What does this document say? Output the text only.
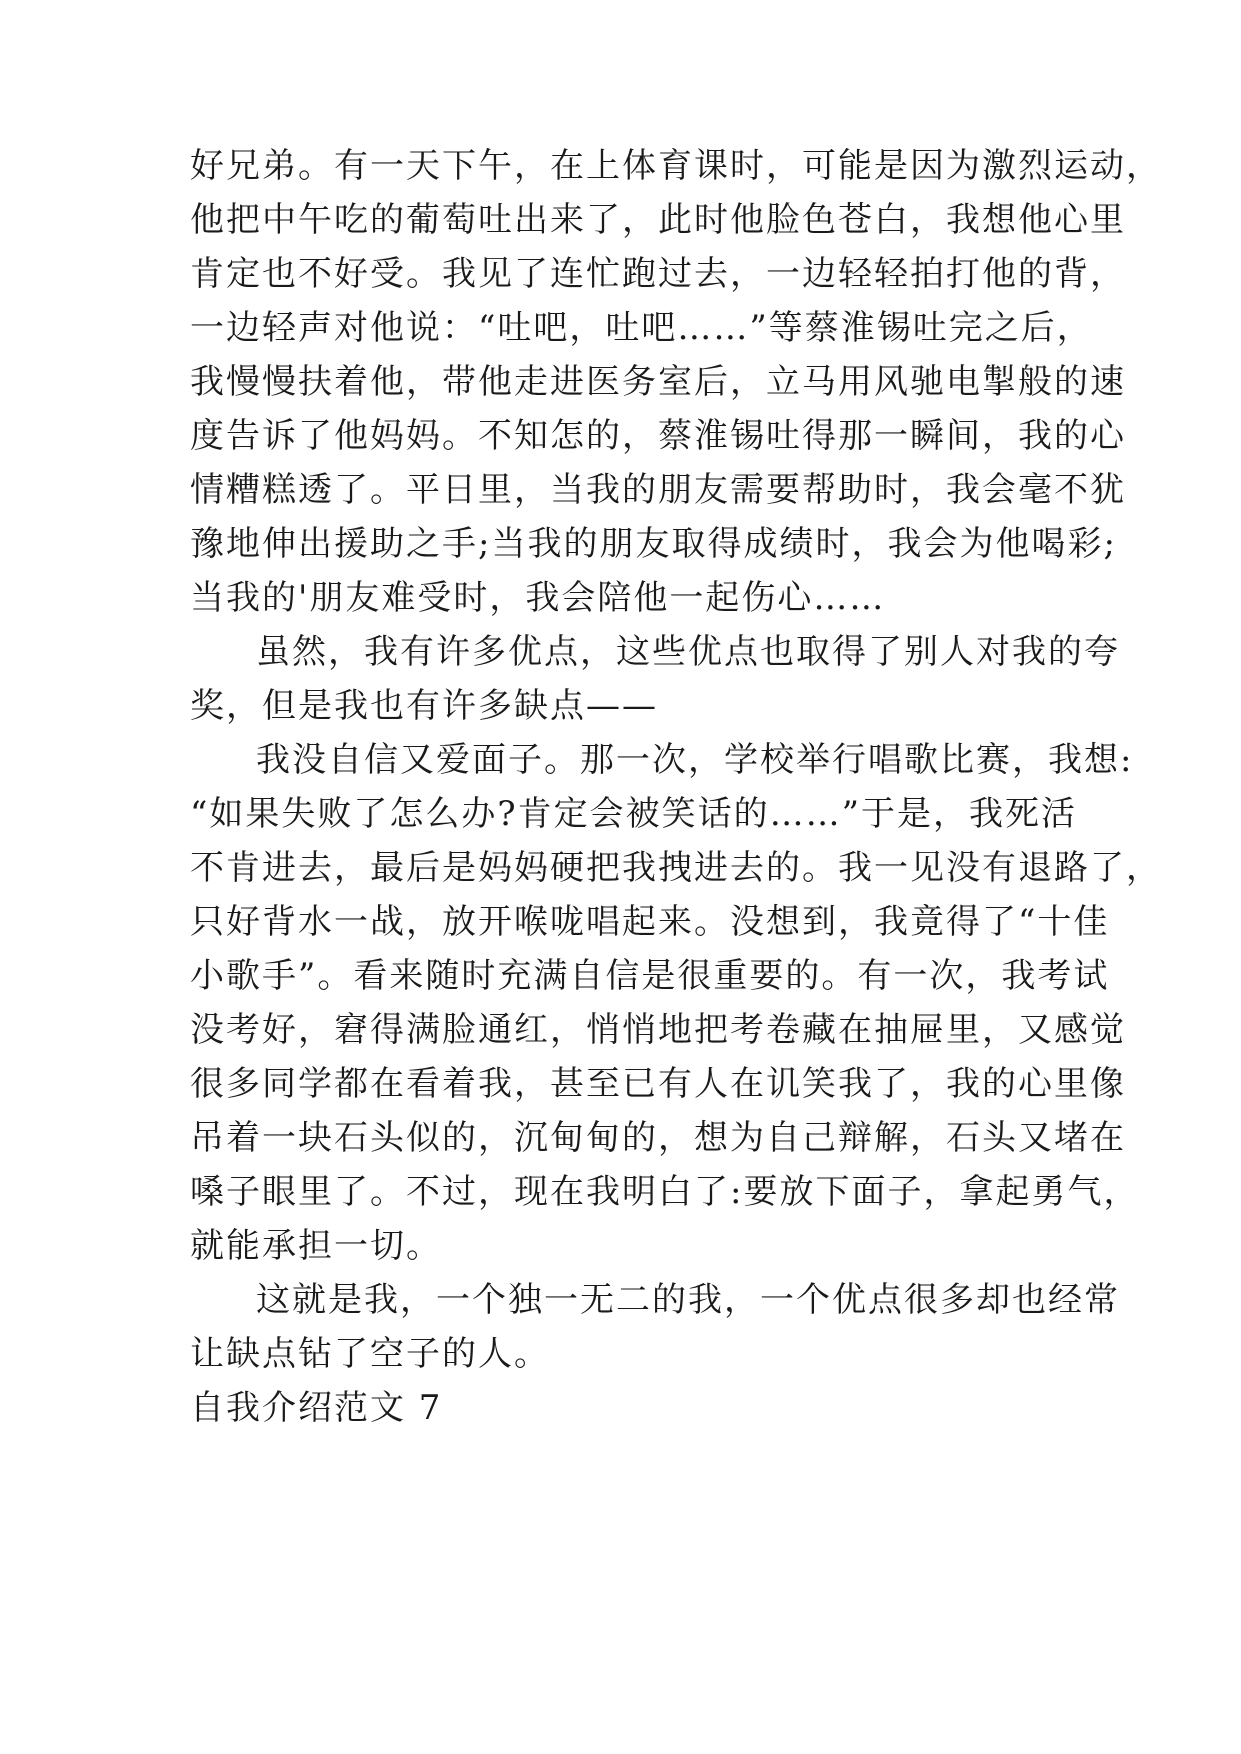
好兄弟。有一天下午，在上体育课时，可能是因为激烈运动，
他把中午吃的葡萄吐出来了，此时他脸色苍白，我想他心里
肯定也不好受。我见了连忙跑过去，一边轻轻拍打他的背，
一边轻声对他说：“吐吧，吐吧……”等蔡淮锡吐完之后，
我慢慢扶着他，带他走进医务室后，立马用风驰电掣般的速
度告诉了他妈妈。不知怎的，蔡淮锡吐得那一瞬间，我的心
情糟糕透了。平日里，当我的朋友需要帮助时，我会毫不犹
豫地伸出援助之手;当我的朋友取得成绩时，我会为他喝彩;
当我的'朋友难受时，我会陪他一起伤心……
虽然，我有许多优点，这些优点也取得了别人对我的夸
奖，但是我也有许多缺点——
我没自信又爱面子。那一次，学校举行唱歌比赛，我想:
“如果失败了怎么办?肯定会被笑话的……”于是，我死活
不肯进去，最后是妈妈硬把我拽进去的。我一见没有退路了，
只好背水一战，放开喉咙唱起来。没想到，我竟得了“十佳
小歌手”。看来随时充满自信是很重要的。有一次，我考试
没考好，窘得满脸通红，悄悄地把考卷藏在抽屉里，又感觉
很多同学都在看着我，甚至已有人在讥笑我了，我的心里像
吊着一块石头似的，沉甸甸的，想为自己辩解，石头又堵在
嗓子眼里了。不过，现在我明白了:要放下面子，拿起勇气，
就能承担一切。
这就是我，一个独一无二的我，一个优点很多却也经常
让缺点钻了空子的人。
自我介绍范文 7
